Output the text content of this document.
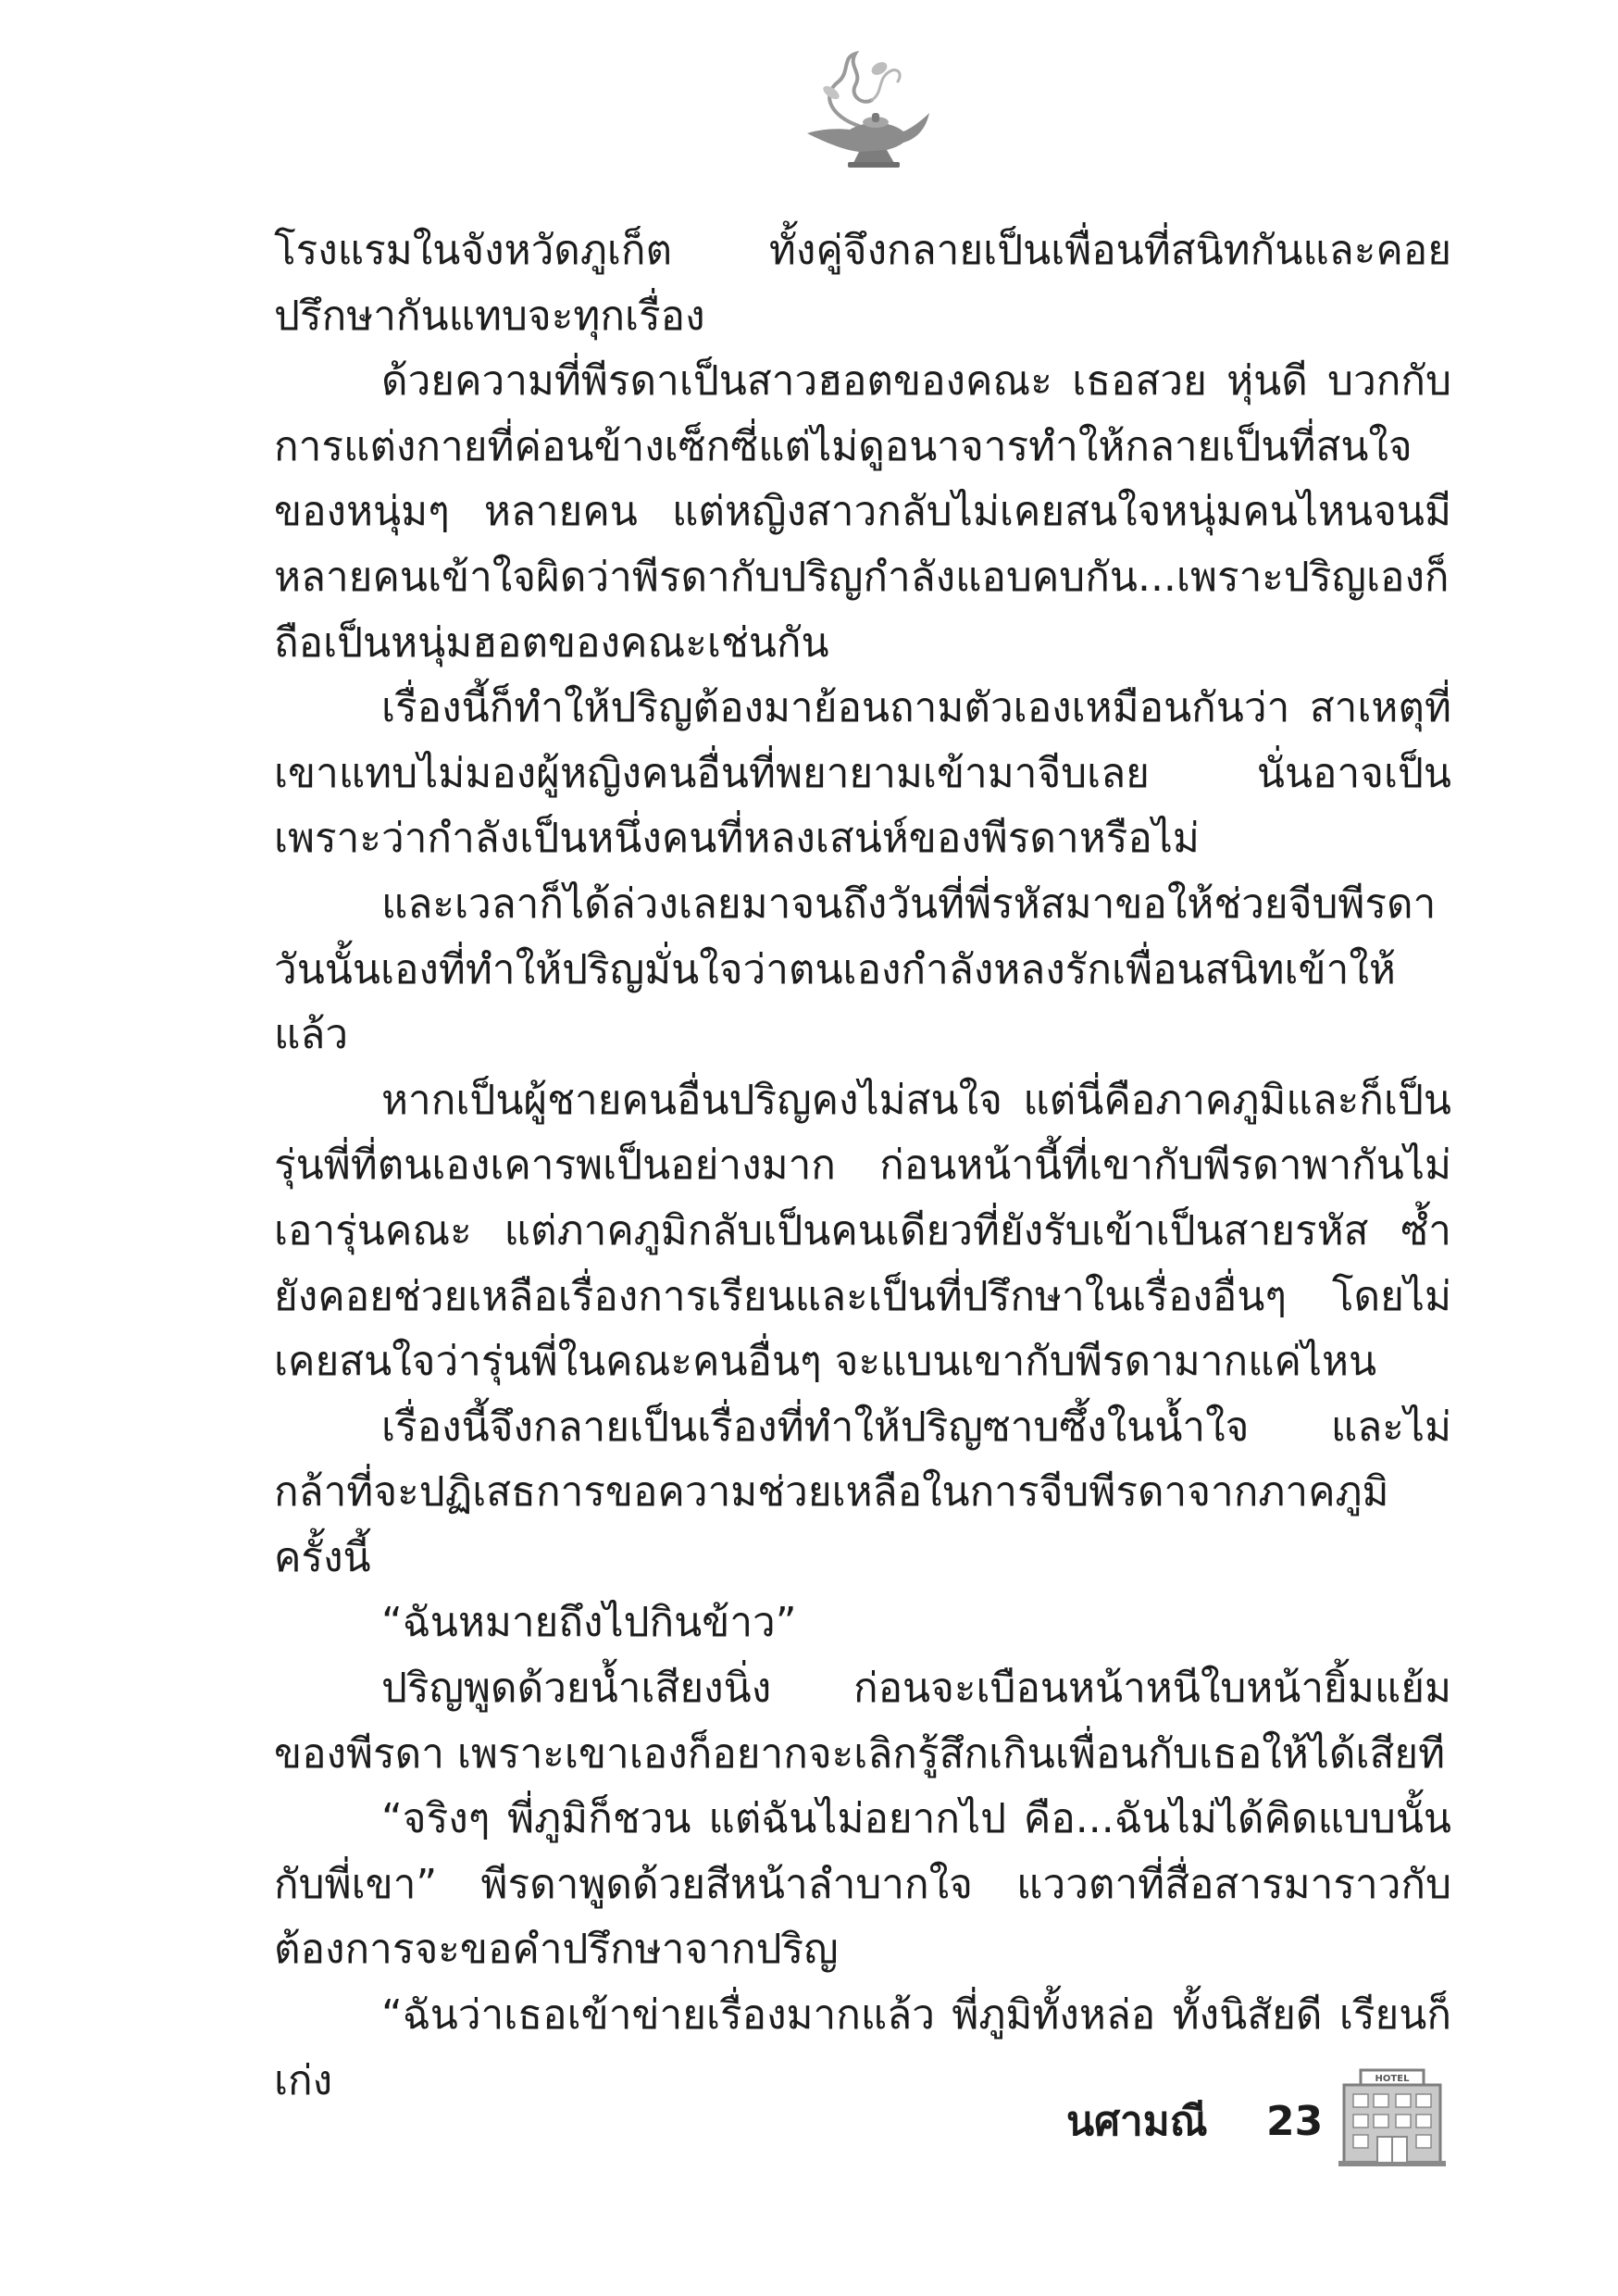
โรงแรมในจังหวัดภูเก็ต ทั้งคู่จึงกลายเป็นเพื่อนที่สนิทกันและคอยปรึกษากันแทบจะทุกเรื่อง

ด้วยความที่พีรดาเป็นสาวฮอตของคณะ เธอสวย หุ่นดี บวกกับการแต่งกายที่ค่อนข้างเซ็กซี่แต่ไม่ดูอนาจารทำให้กลายเป็นที่สนใจของหนุ่มๆ หลายคน แต่หญิงสาวกลับไม่เคยสนใจหนุ่มคนไหนจนมีหลายคนเข้าใจผิดว่าพีรดากับปริญกำลังแอบคบกัน...เพราะปริญเองก็ถือเป็นหนุ่มฮอตของคณะเช่นกัน

เรื่องนี้ก็ทำให้ปริญต้องมาย้อนถามตัวเองเหมือนกันว่า สาเหตุที่เขาแทบไม่มองผู้หญิงคนอื่นที่พยายามเข้ามาจีบเลย นั่นอาจเป็นเพราะว่ากำลังเป็นหนึ่งคนที่หลงเสน่ห์ของพีรดาหรือไม่

และเวลาก็ได้ล่วงเลยมาจนถึงวันที่พี่รหัสมาขอให้ช่วยจีบพีรดา วันนั้นเองที่ทำให้ปริญมั่นใจว่าตนเองกำลังหลงรักเพื่อนสนิทเข้าให้แล้ว

หากเป็นผู้ชายคนอื่นปริญคงไม่สนใจ แต่นี่คือภาคภูมิและก็เป็นรุ่นพี่ที่ตนเองเคารพเป็นอย่างมาก ก่อนหน้านี้ที่เขากับพีรดาพากันไม่เอารุ่นคณะ แต่ภาคภูมิกลับเป็นคนเดียวที่ยังรับเข้าเป็นสายรหัส ซ้ำยังคอยช่วยเหลือเรื่องการเรียนและเป็นที่ปรึกษาในเรื่องอื่นๆ โดยไม่เคยสนใจว่ารุ่นพี่ในคณะคนอื่นๆ จะแบนเขากับพีรดามากแค่ไหน

เรื่องนี้จึงกลายเป็นเรื่องที่ทำให้ปริญซาบซึ้งในน้ำใจ และไม่กล้าที่จะปฏิเสธการขอความช่วยเหลือในการจีบพีรดาจากภาคภูมิครั้งนี้

“ฉันหมายถึงไปกินข้าว”

ปริญพูดด้วยน้ำเสียงนิ่ง ก่อนจะเบือนหน้าหนีใบหน้ายิ้มแย้มของพีรดา เพราะเขาเองก็อยากจะเลิกรู้สึกเกินเพื่อนกับเธอให้ได้เสียที

“จริงๆ พี่ภูมิก็ชวน แต่ฉันไม่อยากไป คือ...ฉันไม่ได้คิดแบบนั้นกับพี่เขา” พีรดาพูดด้วยสีหน้าลำบากใจ แววตาที่สื่อสารมาราวกับต้องการจะขอคำปรึกษาจากปริญ

“ฉันว่าเธอเข้าข่ายเรื่องมากแล้ว พี่ภูมิทั้งหล่อ ทั้งนิสัยดี เรียนก็เก่ง

นศามณี 23
HOTEL
